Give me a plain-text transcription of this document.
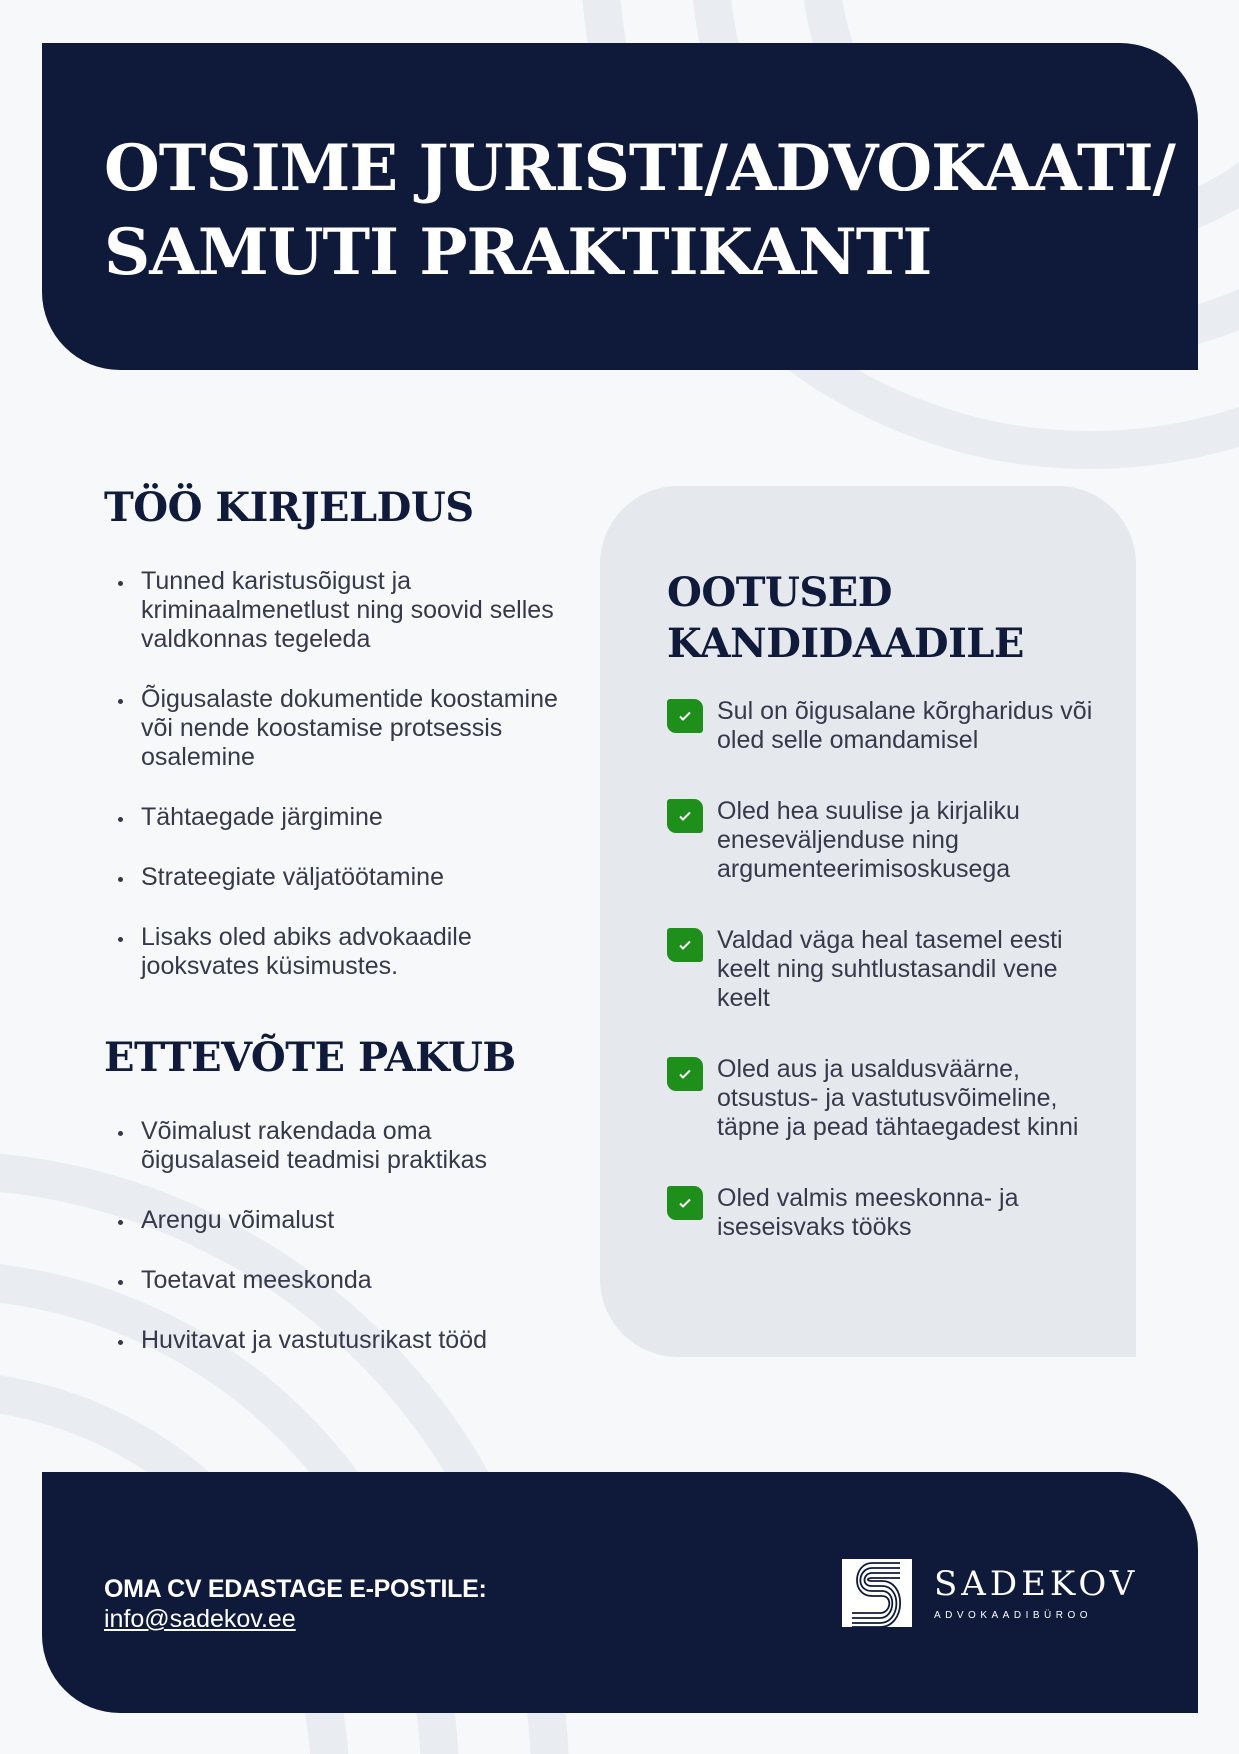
OTSIME JURISTI/ADVOKAATI/
SAMUTI PRAKTIKANTI
TÖÖ KIRJELDUS
Tunned karistusõigust ja kriminaalmenetlust ning soovid selles valdkonnas tegeleda
Õigusalaste dokumentide koostamine või nende koostamise protsessis osalemine
Tähtaegade järgimine
Strateegiate väljatöötamine
Lisaks oled abiks advokaadile jooksvates küsimustes.
ETTEVÕTE PAKUB
Võimalust rakendada oma õigusalaseid teadmisi praktikas
Arengu võimalust
Toetavat meeskonda
Huvitavat ja vastutusrikast tööd
OOTUSED
KANDIDAADILE
Sul on õigusalane kõrgharidus või oled selle omandamisel
Oled hea suulise ja kirjaliku eneseväljenduse ning argumenteerimisoskusega
Valdad väga heal tasemel eesti keelt ning suhtlustasandil vene keelt
Oled aus ja usaldusväärne, otsustus- ja vastutusvõimeline, täpne ja pead tähtaegadest kinni
Oled valmis meeskonna- ja iseseisvaks tööks

OMA CV EDASTAGE E-POSTILE:

info@sadekov.ee
SADEKOV
ADVOKAADIBÜROO
